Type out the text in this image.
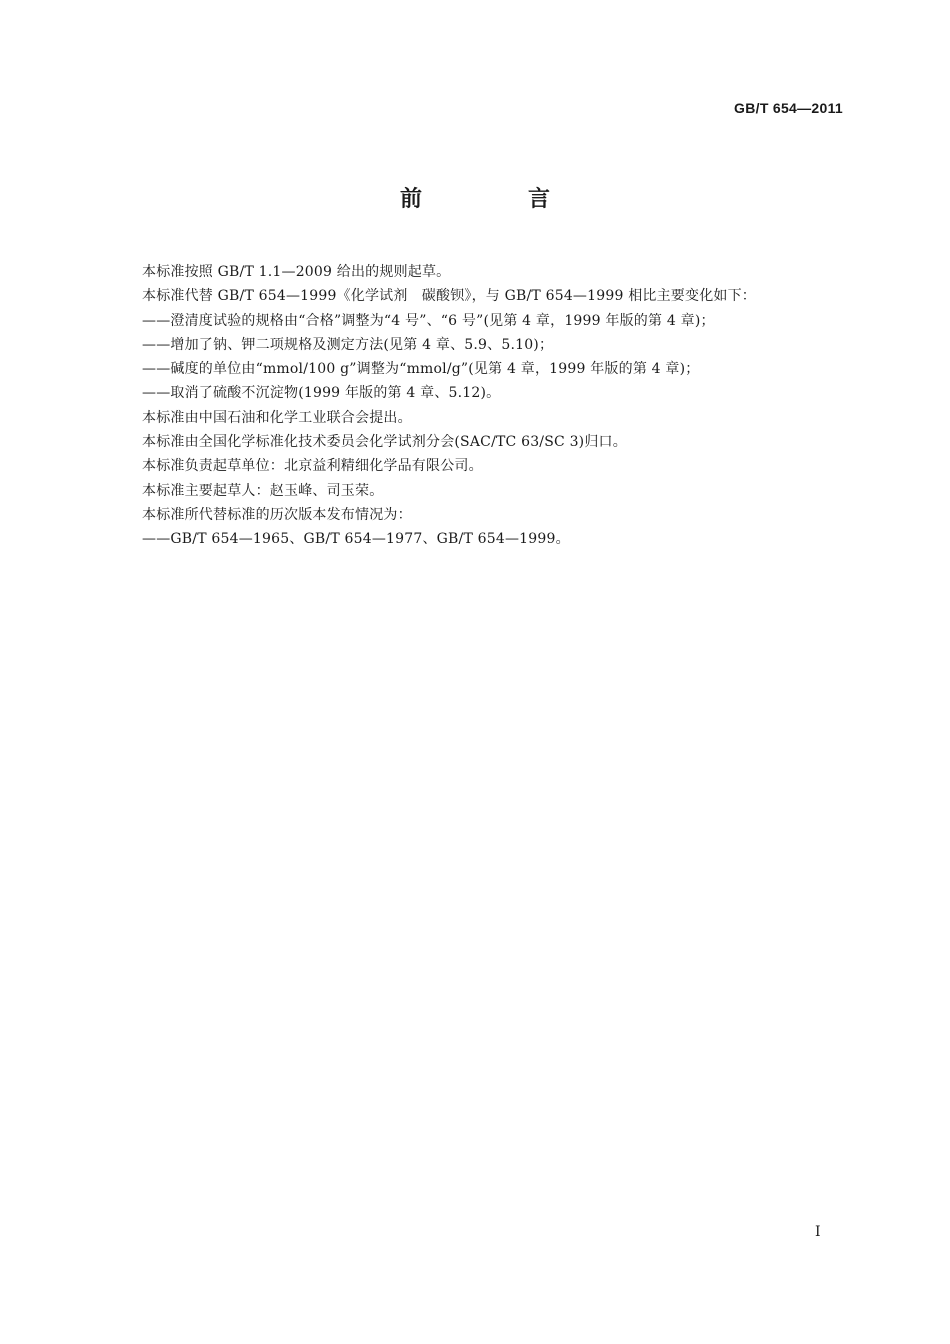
GB/T 654—2011
前　言
本标准按照 GB/T 1.1—2009 给出的规则起草。
本标准代替 GB/T 654—1999《化学试剂　碳酸钡》，与 GB/T 654—1999 相比主要变化如下：
——澄清度试验的规格由“合格”调整为“4 号”、“6 号”(见第 4 章，1999 年版的第 4 章)；
——增加了钠、钾二项规格及测定方法(见第 4 章、5.9、5.10)；
——碱度的单位由“mmol/100 g”调整为“mmol/g”(见第 4 章，1999 年版的第 4 章)；
——取消了硫酸不沉淀物(1999 年版的第 4 章、5.12)。
本标准由中国石油和化学工业联合会提出。
本标准由全国化学标准化技术委员会化学试剂分会(SAC/TC 63/SC 3)归口。
本标准负责起草单位：北京益利精细化学品有限公司。
本标准主要起草人：赵玉峰、司玉荣。
本标准所代替标准的历次版本发布情况为：
——GB/T 654—1965、GB/T 654—1977、GB/T 654—1999。
I
